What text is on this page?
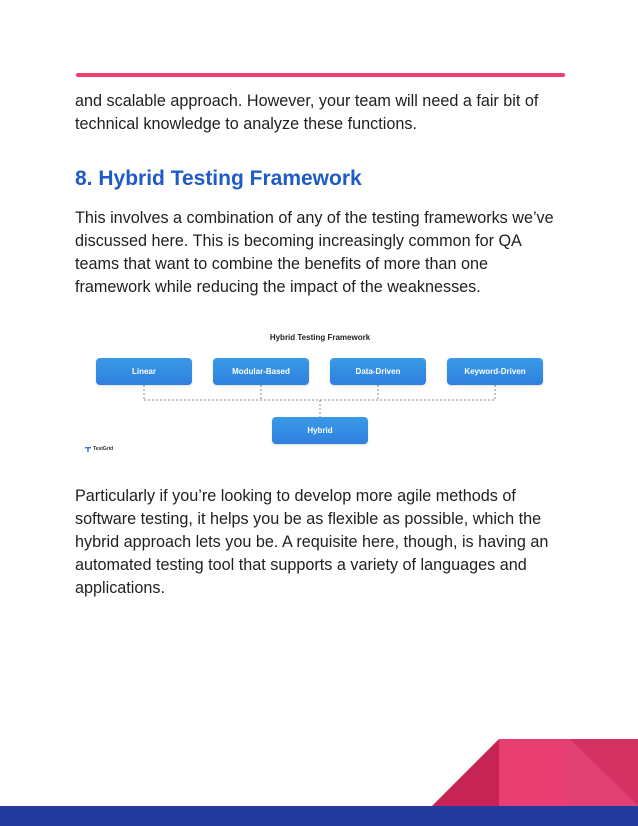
and scalable approach. However, your team will need a fair bit of technical knowledge to analyze these functions.

8. Hybrid Testing Framework

This involves a combination of any of the testing frameworks we’ve discussed here. This is becoming increasingly common for QA teams that want to combine the benefits of more than one framework while reducing the impact of the weaknesses.

Hybrid Testing Framework
Linear	Modular-Based	Data-Driven	Keyword-Driven
Hybrid
TestGrid

Particularly if you’re looking to develop more agile methods of software testing, it helps you be as flexible as possible, which the hybrid approach lets you be. A requisite here, though, is having an automated testing tool that supports a variety of languages and applications.
